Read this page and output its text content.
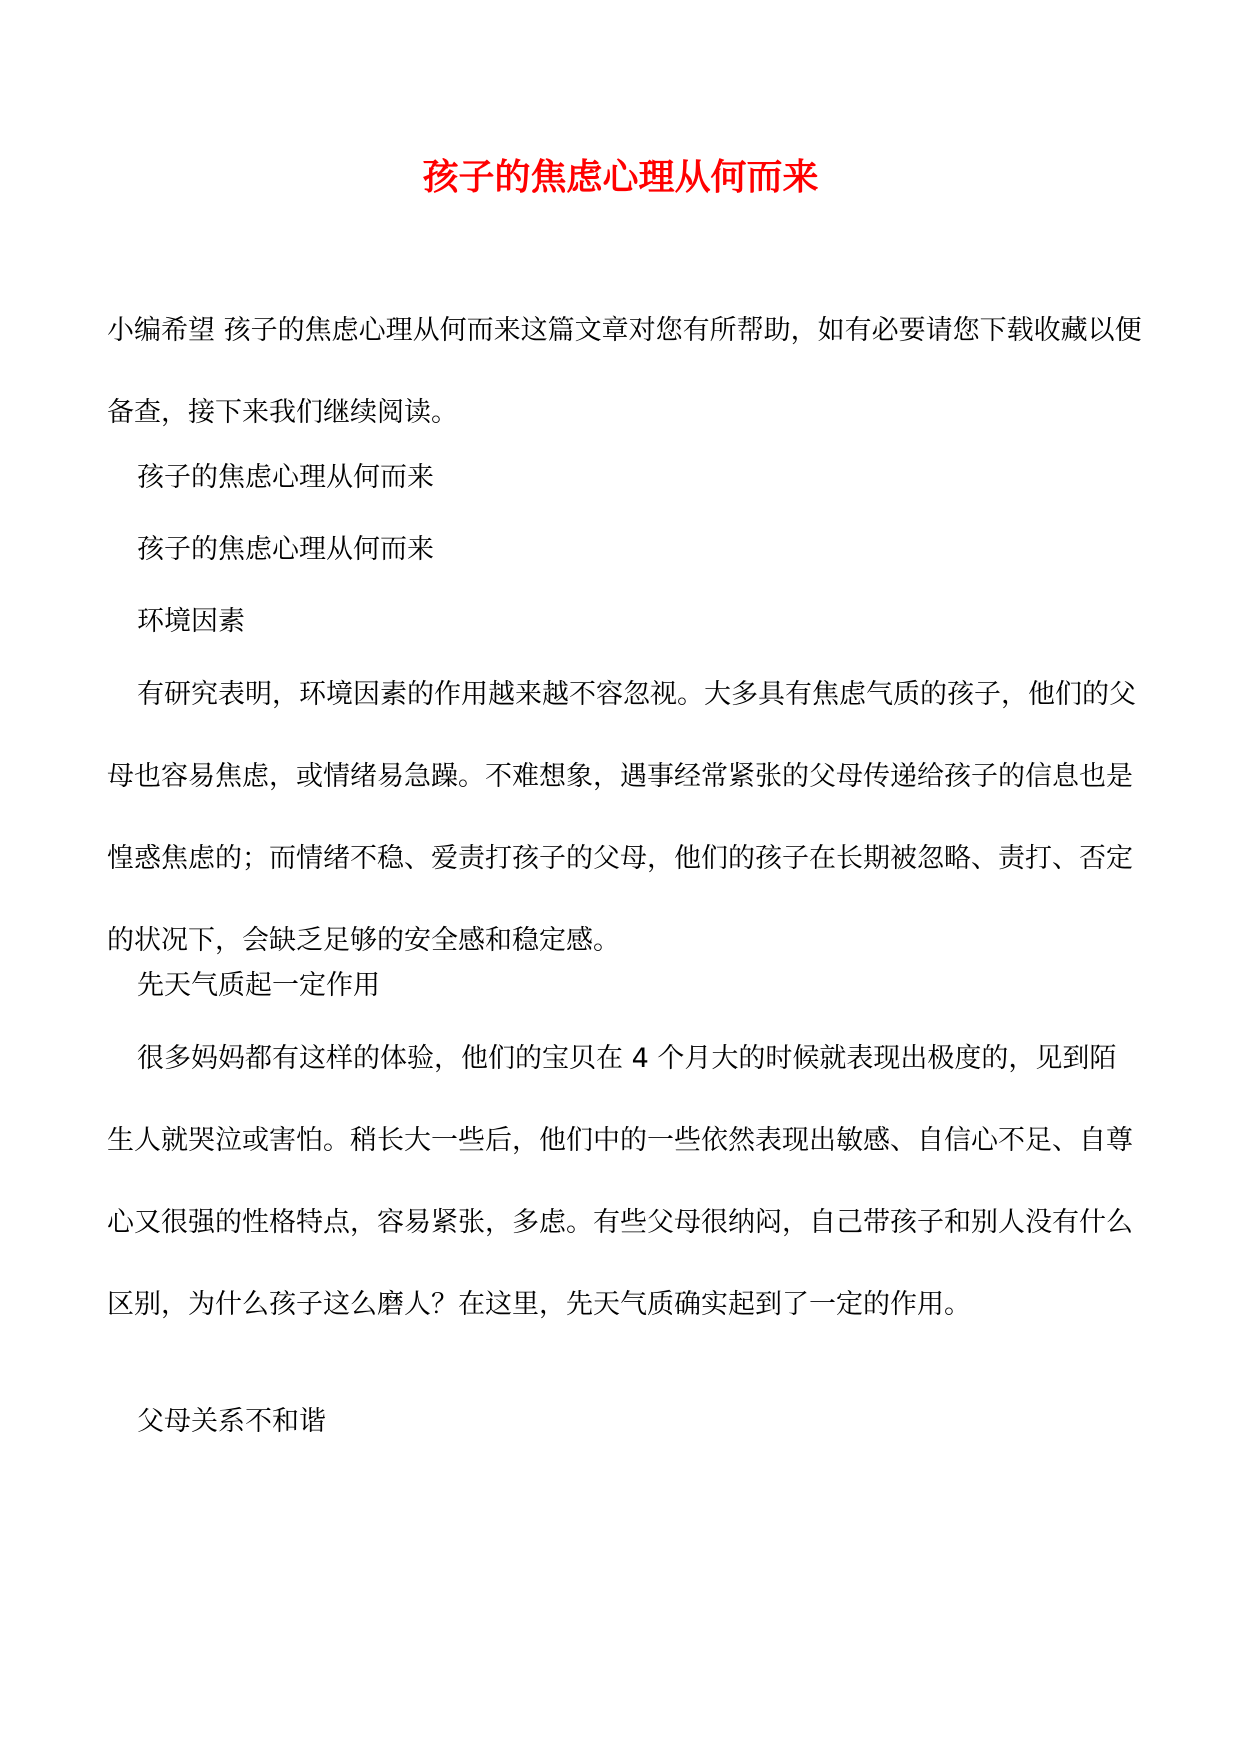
孩子的焦虑心理从何而来

小编希望 孩子的焦虑心理从何而来这篇文章对您有所帮助，如有必要请您下载收藏以便备查，接下来我们继续阅读。

孩子的焦虑心理从何而来

孩子的焦虑心理从何而来

环境因素

有研究表明，环境因素的作用越来越不容忽视。大多具有焦虑气质的孩子，他们的父母也容易焦虑，或情绪易急躁。不难想象，遇事经常紧张的父母传递给孩子的信息也是惶惑焦虑的；而情绪不稳、爱责打孩子的父母，他们的孩子在长期被忽略、责打、否定的状况下，会缺乏足够的安全感和稳定感。

先天气质起一定作用

很多妈妈都有这样的体验，他们的宝贝在 4 个月大的时候就表现出极度的，见到陌生人就哭泣或害怕。稍长大一些后，他们中的一些依然表现出敏感、自信心不足、自尊心又很强的性格特点，容易紧张，多虑。有些父母很纳闷，自己带孩子和别人没有什么区别，为什么孩子这么磨人？在这里，先天气质确实起到了一定的作用。

父母关系不和谐
